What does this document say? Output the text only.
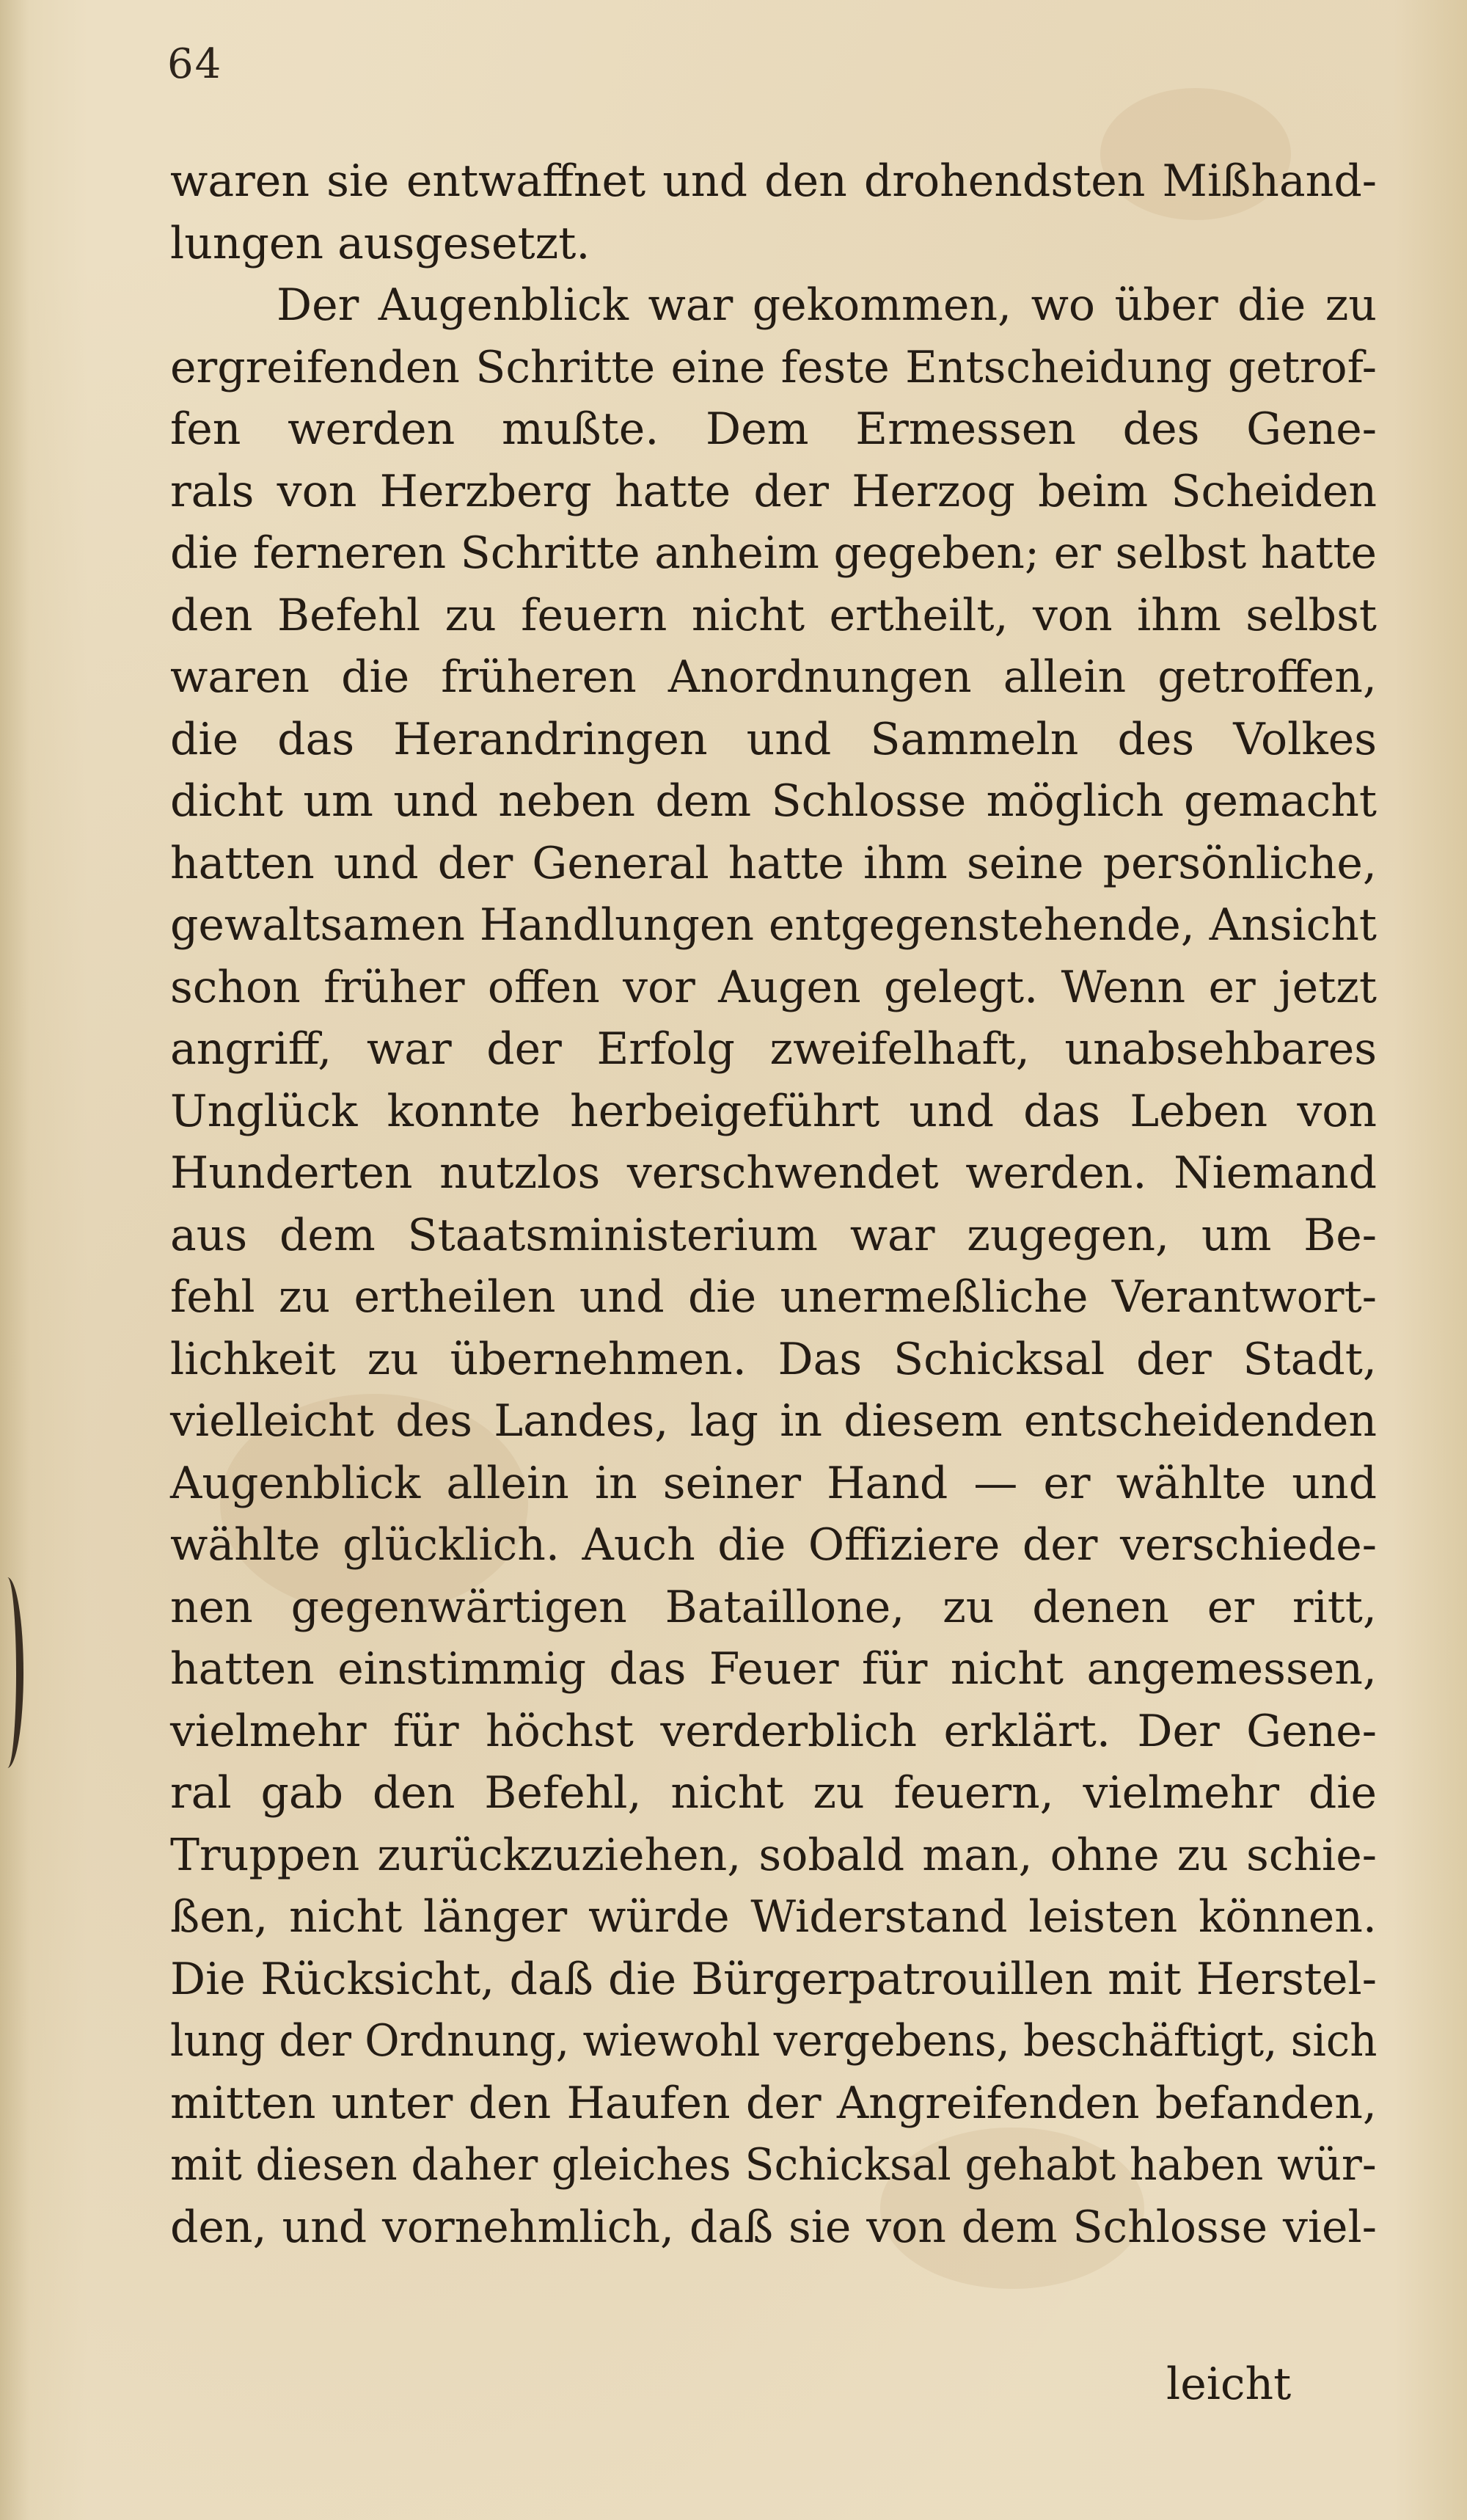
64
waren sie entwaffnet und den drohendsten Mißhand-
lungen ausgesetzt.
Der Augenblick war gekommen, wo über die zu
ergreifenden Schritte eine feste Entscheidung getrof-
fen werden mußte. Dem Ermessen des Gene-
rals von Herzberg hatte der Herzog beim Scheiden
die ferneren Schritte anheim gegeben; er selbst hatte
den Befehl zu feuern nicht ertheilt, von ihm selbst
waren die früheren Anordnungen allein getroffen,
die das Herandringen und Sammeln des Volkes
dicht um und neben dem Schlosse möglich gemacht
hatten und der General hatte ihm seine persönliche,
gewaltsamen Handlungen entgegenstehende, Ansicht
schon früher offen vor Augen gelegt. Wenn er jetzt
angriff, war der Erfolg zweifelhaft, unabsehbares
Unglück konnte herbeigeführt und das Leben von
Hunderten nutzlos verschwendet werden. Niemand
aus dem Staatsministerium war zugegen, um Be-
fehl zu ertheilen und die unermeßliche Verantwort-
lichkeit zu übernehmen. Das Schicksal der Stadt,
vielleicht des Landes, lag in diesem entscheidenden
Augenblick allein in seiner Hand — er wählte und
wählte glücklich. Auch die Offiziere der verschiede-
nen gegenwärtigen Bataillone, zu denen er ritt,
hatten einstimmig das Feuer für nicht angemessen,
vielmehr für höchst verderblich erklärt. Der Gene-
ral gab den Befehl, nicht zu feuern, vielmehr die
Truppen zurückzuziehen, sobald man, ohne zu schie-
ßen, nicht länger würde Widerstand leisten können.
Die Rücksicht, daß die Bürgerpatrouillen mit Herstel-
lung der Ordnung, wiewohl vergebens, beschäftigt, sich
mitten unter den Haufen der Angreifenden befanden,
mit diesen daher gleiches Schicksal gehabt haben wür-
den, und vornehmlich, daß sie von dem Schlosse viel-
leicht
